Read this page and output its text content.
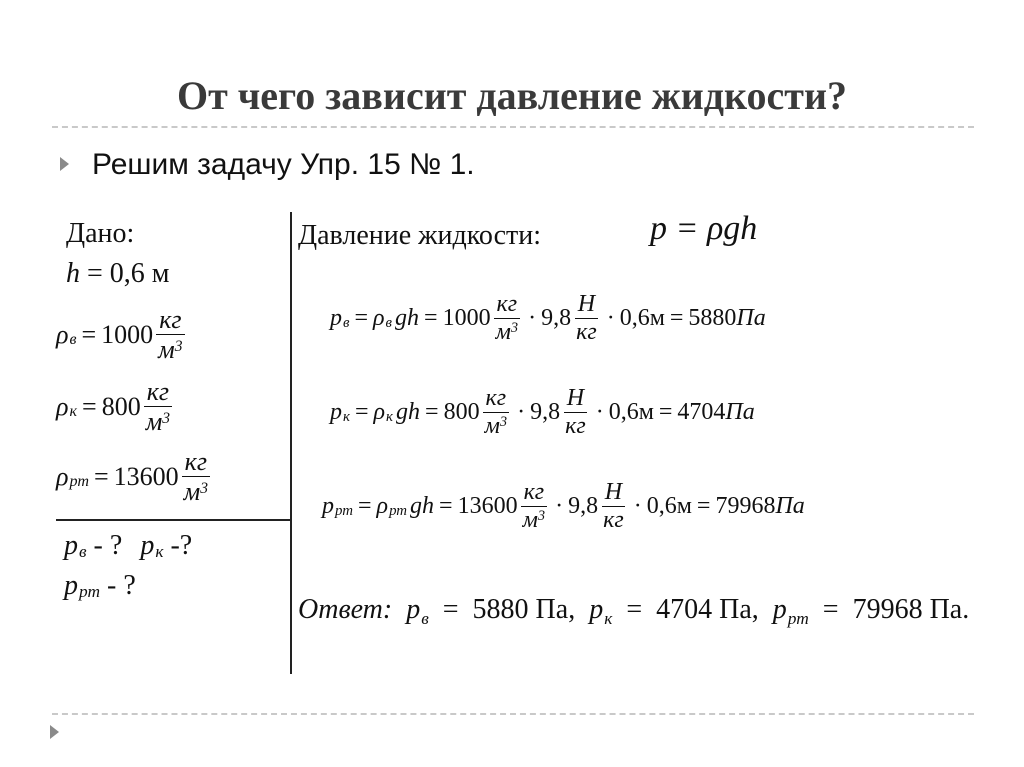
От чего зависит давление жидкости?
Решим задачу Упр. 15 № 1.
Дано:
h = 0,6 м
ρ $в = 1000 \frac{кг}{м^3}$
ρ $к = 800 \frac{кг}{м^3}$
ρ рт = $13600 \frac{кг}{м^3}$
p в - ? p к -?
p рт - ?
Давление жидкости:	p = ρgh
p в = ρ в gh = $1000 \frac{кг}{м^3} \cdot 9,8 \frac{Н}{кг} \cdot 0,6м = 5880$ Па
p к = ρ к gh = $800 \frac{кг}{м^3} \cdot 9,8 \frac{Н}{кг} \cdot 0,6м = 4704$ Па
p рт = ρ рт gh = $13600 \frac{кг}{м^3} \cdot 9,8 \frac{Н}{кг} \cdot 0,6м = 79968$ Па
Ответ: $p_в = 5880$ Па, $p_к = 4704$ Па, $p_{рт} = 79968$ Па.
